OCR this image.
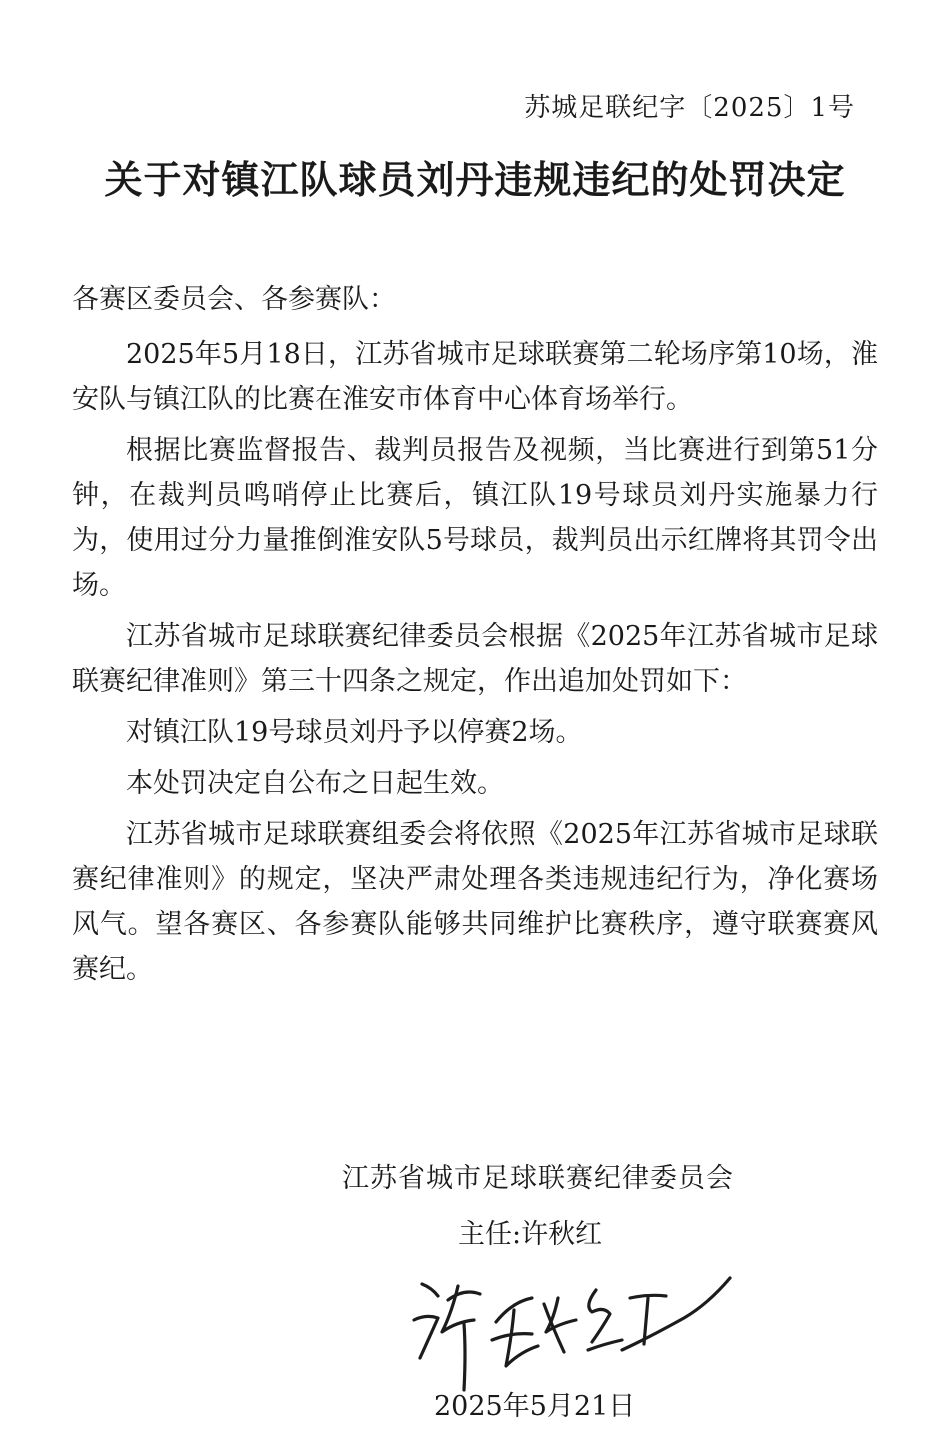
苏城足联纪字〔2025〕1号
关于对镇江队球员刘丹违规违纪的处罚决定
各赛区委员会、各参赛队：

2025年5月18日，江苏省城市足球联赛第二轮场序第10场，淮安队与镇江队的比赛在淮安市体育中心体育场举行。

根据比赛监督报告、裁判员报告及视频，当比赛进行到第51分钟，在裁判员鸣哨停止比赛后，镇江队19号球员刘丹实施暴力行为，使用过分力量推倒淮安队5号球员，裁判员出示红牌将其罚令出场。

江苏省城市足球联赛纪律委员会根据《2025年江苏省城市足球联赛纪律准则》第三十四条之规定，作出追加处罚如下：

对镇江队19号球员刘丹予以停赛2场。

本处罚决定自公布之日起生效。

江苏省城市足球联赛组委会将依照《2025年江苏省城市足球联赛纪律准则》的规定，坚决严肃处理各类违规违纪行为，净化赛场风气。望各赛区、各参赛队能够共同维护比赛秩序，遵守联赛赛风赛纪。

江苏省城市足球联赛纪律委员会
主任:许秋红
2025年5月21日
